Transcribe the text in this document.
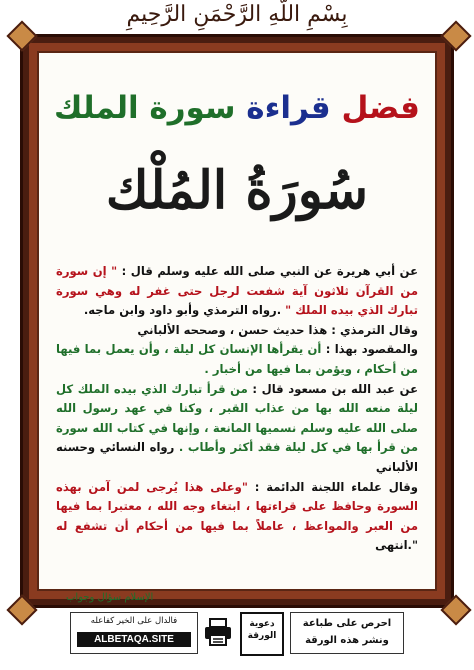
بِسْمِ اللَّهِ الرَّحْمَنِ الرَّحِيمِ
فضل قراءة سورة الملك
سُورَةُ المُلْك

عن أبي هريرة عن النبي صلى الله عليه وسلم قال : " إن سورة من القرآن ثلاثون آية شفعت لرجل حتى غفر له وهي سورة تبارك الذي بيده الملك " .رواه الترمذي وأبو داود وابن ماجه.

وقال الترمذي : هذا حديث حسن ، وصححه الألباني

والمقصود بهذا : أن يقرأها الإنسان كل ليلة ، وأن يعمل بما فيها من أحكام ، ويؤمن بما فيها من أخبار .

عن عبد الله بن مسعود قال : من قرأ تبارك الذي بيده الملك كل ليلة منعه الله بها من عذاب القبر ، وكنا في عهد رسول الله صلى الله عليه وسلم نسميها المانعة ، وإنها في كتاب الله سورة من قرأ بها في كل ليلة فقد أكثر وأطاب . رواه النسائي وحسنه الألباني

وقال علماء اللجنة الدائمة : "وعلى هذا يُرجى لمن آمن بهذه السورة وحافظ على قراءتها ، ابتغاء وجه الله ، معتبرا بما فيها من العبر والمواعظ ، عاملاً بما فيها من أحكام أن تشفع له ".انتهى

الإسلام سؤال وجواب
فالدال على الخير كفاعله
ALBETAQA.SITE
دعوية
الورقة
احرص على طباعة
ونشر هذه الورقة
